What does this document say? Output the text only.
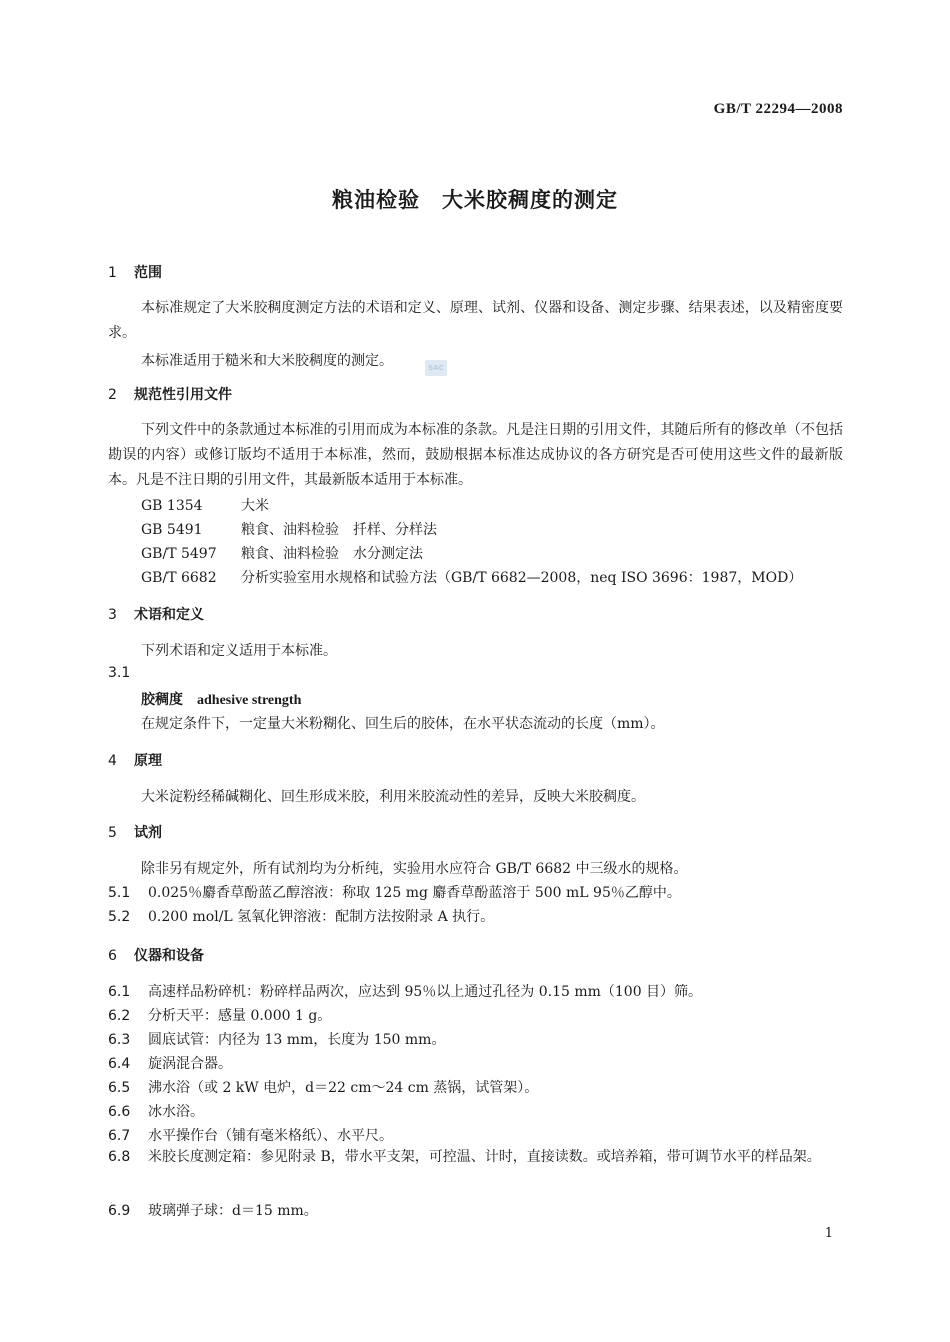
GB/T 22294—2008
粮油检验　大米胶稠度的测定
1 范围
本标准规定了大米胶稠度测定方法的术语和定义、原理、试剂、仪器和设备、测定步骤、结果表述，以及精密度要求。
本标准适用于糙米和大米胶稠度的测定。	SAC
2 规范性引用文件
下列文件中的条款通过本标准的引用而成为本标准的条款。凡是注日期的引用文件，其随后所有的修改单（不包括勘误的内容）或修订版均不适用于本标准，然而，鼓励根据本标准达成协议的各方研究是否可使用这些文件的最新版本。凡是不注日期的引用文件，其最新版本适用于本标准。
GB 1354	大米
GB 5491	粮食、油料检验　扦样、分样法
GB/T 5497 粮食、油料检验　水分测定法
GB/T 6682 分析实验室用水规格和试验方法（GB/T 6682—2008，neq ISO 3696：1987，MOD）
3 术语和定义
下列术语和定义适用于本标准。
3.1
胶稠度 adhesive strength
在规定条件下，一定量大米粉糊化、回生后的胶体，在水平状态流动的长度（mm）。
4 原理
大米淀粉经稀碱糊化、回生形成米胶，利用米胶流动性的差异，反映大米胶稠度。
5 试剂
除非另有规定外，所有试剂均为分析纯，实验用水应符合 GB/T 6682 中三级水的规格。
5.1 0.025％麝香草酚蓝乙醇溶液：称取 125 mg 麝香草酚蓝溶于 500 mL 95％乙醇中。
5.2 0.200 mol/L 氢氧化钾溶液：配制方法按附录 A 执行。
6 仪器和设备
6.1 高速样品粉碎机：粉碎样品两次，应达到 95％以上通过孔径为 0.15 mm（100 目）筛。
6.2 分析天平：感量 0.000 1 g。
6.3 圆底试管：内径为 13 mm，长度为 150 mm。
6.4 旋涡混合器。
6.5 沸水浴（或 2 kW 电炉，d＝22 cm～24 cm 蒸锅，试管架）。
6.6 冰水浴。
6.7 水平操作台（铺有毫米格纸）、水平尺。
6.8 米胶长度测定箱：参见附录 B，带水平支架，可控温、计时，直接读数。或培养箱，带可调节水平的样品架。
6.9 玻璃弹子球：d＝15 mm。
1
